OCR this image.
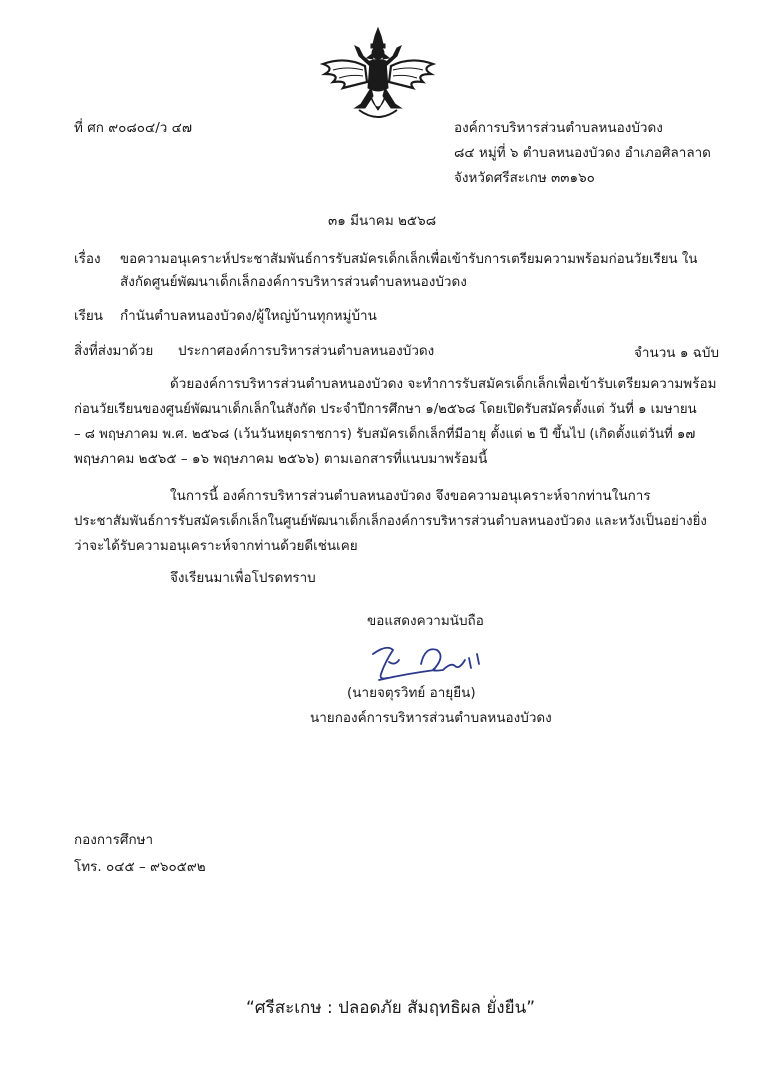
ที่ ศก ๙๐๘๐๔/ว ๔๗	องค์การบริหารส่วนตำบลหนองบัวดง
๘๔ หมู่ที่ ๖ ตำบลหนองบัวดง อำเภอศิลาลาด
จังหวัดศรีสะเกษ ๓๓๑๖๐
๓๑ มีนาคม ๒๕๖๘
เรื่อง ขอความอนุเคราะห์ประชาสัมพันธ์การรับสมัครเด็กเล็กเพื่อเข้ารับการเตรียมความพร้อมก่อนวัยเรียน ใน
สังกัดศูนย์พัฒนาเด็กเล็กองค์การบริหารส่วนตำบลหนองบัวดง
เรียน กำนันตำบลหนองบัวดง/ผู้ใหญ่บ้านทุกหมู่บ้าน
สิ่งที่ส่งมาด้วย ประกาศองค์การบริหารส่วนตำบลหนองบัวดง	จำนวน ๑ ฉบับ
ด้วยองค์การบริหารส่วนตำบลหนองบัวดง จะทำการรับสมัครเด็กเล็กเพื่อเข้ารับเตรียมความพร้อม
ก่อนวัยเรียนของศูนย์พัฒนาเด็กเล็กในสังกัด ประจำปีการศึกษา ๑/๒๕๖๘ โดยเปิดรับสมัครตั้งแต่ วันที่ ๑ เมษายน
– ๘ พฤษภาคม พ.ศ. ๒๕๖๘ (เว้นวันหยุดราชการ) รับสมัครเด็กเล็กที่มีอายุ ตั้งแต่ ๒ ปี ขึ้นไป (เกิดตั้งแต่วันที่ ๑๗
พฤษภาคม ๒๕๖๕ – ๑๖ พฤษภาคม ๒๕๖๖) ตามเอกสารที่แนบมาพร้อมนี้
ในการนี้ องค์การบริหารส่วนตำบลหนองบัวดง จึงขอความอนุเคราะห์จากท่านในการ
ประชาสัมพันธ์การรับสมัครเด็กเล็กในศูนย์พัฒนาเด็กเล็กองค์การบริหารส่วนตำบลหนองบัวดง และหวังเป็นอย่างยิ่ง
ว่าจะได้รับความอนุเคราะห์จากท่านด้วยดีเช่นเคย
จึงเรียนมาเพื่อโปรดทราบ
ขอแสดงความนับถือ
(นายจตุรวิทย์ อายุยืน)
นายกองค์การบริหารส่วนตำบลหนองบัวดง
กองการศึกษา
โทร. ๐๔๕ – ๙๖๐๕๙๒
“ศรีสะเกษ : ปลอดภัย สัมฤทธิผล ยั่งยืน”
